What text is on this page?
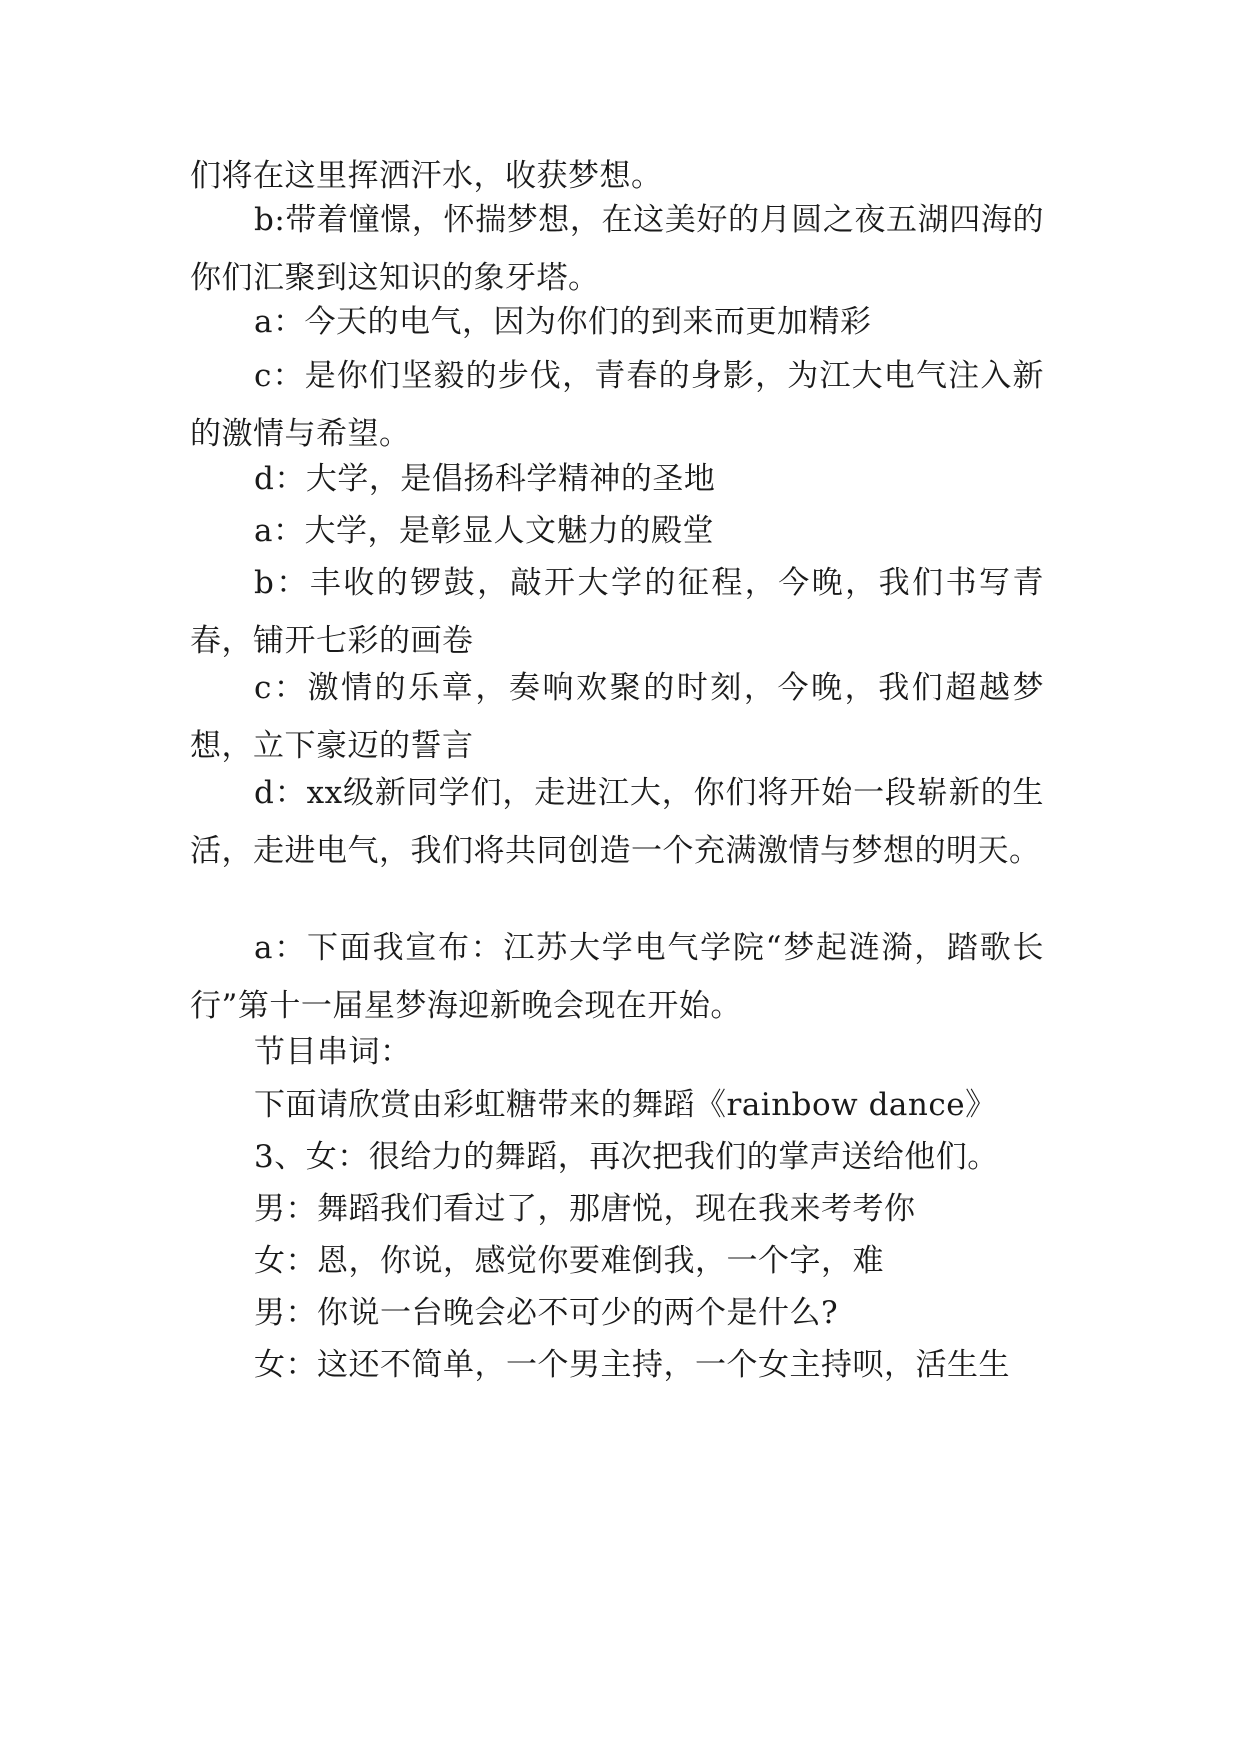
们将在这里挥洒汗水，收获梦想。

b:带着憧憬，怀揣梦想，在这美好的月圆之夜五湖四海的你们汇聚到这知识的象牙塔。

a：今天的电气，因为你们的到来而更加精彩

c：是你们坚毅的步伐，青春的身影，为江大电气注入新的激情与希望。

d：大学，是倡扬科学精神的圣地

a：大学，是彰显人文魅力的殿堂

b：丰收的锣鼓，敲开大学的征程，今晚，我们书写青春，铺开七彩的画卷

c：激情的乐章，奏响欢聚的时刻，今晚，我们超越梦想，立下豪迈的誓言

d：xx级新同学们，走进江大，你们将开始一段崭新的生活，走进电气，我们将共同创造一个充满激情与梦想的明天。

a：下面我宣布：江苏大学电气学院“梦起涟漪，踏歌长行”第十一届星梦海迎新晚会现在开始。

节目串词：

下面请欣赏由彩虹糖带来的舞蹈《rainbow dance》

3、女：很给力的舞蹈，再次把我们的掌声送给他们。

男：舞蹈我们看过了，那唐悦，现在我来考考你

女：恩，你说，感觉你要难倒我，一个字，难

男：你说一台晚会必不可少的两个是什么?

女：这还不简单，一个男主持，一个女主持呗，活生生
